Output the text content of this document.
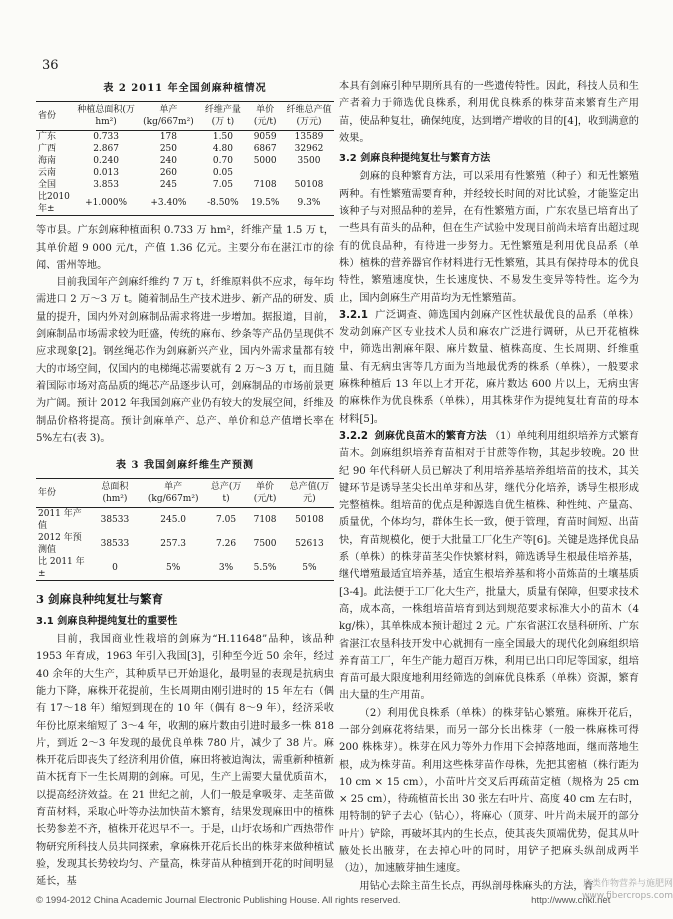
36
表 2 2011 年全国剑麻种植情况
省份	种植总面积(万 hm²)	单产(kg/667m²)	纤维产量(万 t)	单价(元/t)	纤维总产值(万元)
广东	0.733	178	1.50	9059	13589
广西	2.867	250	4.80	6867	32962
海南	0.240	240	0.70	5000	3500
云南	0.013	260	0.05		
全国	3.853	245	7.05	7108	50108
比2010 年±	+1.000%	+3.40%	-8.50%	19.5%	9.3%

等市县。广东剑麻种植面积 0.733 万 hm²，纤维产量 1.5 万 t，其单价超 9 000 元/t，产值 1.36 亿元。主要分布在湛江市的徐闻、雷州等地。

目前我国年产剑麻纤维约 7 万 t，纤维原料供不应求，每年均需进口 2 万～3 万 t。随着制品生产技术进步、新产品的研发、质量的提升，国内外对剑麻制品需求将进一步增加。据报道，目前，剑麻制品市场需求较为旺盛，传统的麻布、纱条等产品仍呈现供不应求现象[2]。钢丝绳芯作为剑麻新兴产业，国内外需求量都有较大的市场空间，仅国内的电梯绳芯需要就有 2 万～3 万 t，而且随着国际市场对高品质的绳芯产品逐步认可，剑麻制品的市场前景更为广阔。预计 2012 年我国剑麻产业仍有较大的发展空间，纤维及制品价格将提高。预计剑麻单产、总产、单价和总产值增长率在 5%左右(表 3)。

表 3 我国剑麻纤维生产预测
年份	总面积(hm²)	单产(kg/667m²)	总产(万 t)	单价(元/t)	总产值(万元)
2011 年产值	38533	245.0	7.05	7108	50108
2012 年预测值	38533	257.3	7.26	7500	52613
比 2011 年±	0	5%	3%	5.5%	5%
3 剑麻良种纯复壮与繁育
3.1 剑麻良种提纯复壮的重要性

目前，我国商业性栽培的剑麻为“H.11648”品种，该品种 1953 年育成，1963 年引入我国[3]，引种至今近 50 余年，经过 40 余年的大生产，其种质早已开始退化，最明显的表现是抗病虫能力下降，麻株开花提前，生长周期由刚引进时的 15 年左右（偶有 17～18 年）缩短到现在的 10 年（偶有 8～9 年），经济采收年份比原来缩短了 3～4 年，收割的麻片数由引进时最多一株 818 片，到近 2～3 年发现的最优良单株 780 片，减少了 38 片。麻株开花后即丧失了经济利用价值，麻田将被迫淘汰，需重新种植新苗木抚育下一生长周期的剑麻。可见，生产上需要大量优质苗木，以提高经济效益。在 21 世纪之前，人们一般是拿吸芽、走茎苗做育苗材料，采取心叶等办法加快苗木繁育，结果发现麻田中的植株长势参差不齐，植株开花迟早不一。于是，山圩农场和广西热带作物研究所科技人员共同探索，拿麻株开花后长出的株芽来做种植试验，发现其长势较均匀、产量高，株芽苗从种植到开花的时间明显延长，基

本具有剑麻引种早期所具有的一些遗传特性。因此，科技人员和生产者着力于筛选优良株系，利用优良株系的株芽苗来繁育生产用苗，使品种复壮，确保纯度，达到增产增收的目的[4]，收到满意的效果。

3.2 剑麻良种提纯复壮与繁育方法

剑麻的良种繁育方法，可以采用有性繁殖（种子）和无性繁殖两种。有性繁殖需要育种，并经较长时间的对比试验，才能鉴定出该种子与对照品种的差异，在有性繁殖方面，广东农垦已培育出了一些具有苗头的品种，但在生产试验中发现目前尚未培育出超过现有的优良品种，有待进一步努力。无性繁殖是利用优良品系（单株）植株的营养器官作材料进行无性繁殖，其具有保持母本的优良特性，繁殖速度快，生长速度快、不易发生变异等特性。迄今为止，国内剑麻生产用苗均为无性繁殖苗。

3.2.1 广泛调查、筛选国内剑麻产区性状最优良的品系（单株） 发动剑麻产区专业技术人员和麻农广泛进行调研，从已开花植株中，筛选出割麻年限、麻片数量、植株高度、生长周期、纤维重量、有无病虫害等几方面为当地最优秀的株系（单株），一般要求麻株种植后 13 年以上才开花，麻片数达 600 片以上，无病虫害的麻株作为优良株系（单株），用其株芽作为提纯复壮育苗的母本材料[5]。

3.2.2 剑麻优良苗木的繁育方法 （1）单纯利用组织培养方式繁育苗木。剑麻组织培养育苗相对于甘蔗等作物，其起步较晚。20 世纪 90 年代科研人员已解决了利用培养基培养组培苗的技术，其关键环节是诱导茎尖长出单芽和丛芽，继代分化培养，诱导生根形成完整植株。组培苗的优点是种源选自优生植株、种性纯、产量高、质量优，个体均匀，群体生长一致，便于管理，育苗时间短、出苗快，育苗规模化，便于大批量工厂化生产等[6]。关键是选择优良品系（单株）的株芽苗茎尖作快繁材料，筛选诱导生根最佳培养基，继代增殖最适宜培养基，适宜生根培养基和将小苗炼苗的土壤基质[3-4]。此法便于工厂化大生产，批量大，质量有保障，但要求技术高，成本高，一株组培苗培育到达到规范要求标准大小的苗木（4 kg/株），其单株成本预计超过 2 元。广东省湛江农垦科研所、广东省湛江农垦科技开发中心就拥有一座全国最大的现代化剑麻组织培养育苗工厂，年生产能力超百万株，利用已出口印尼等国家，组培育苗可最大限度地利用经筛选的剑麻优良株系（单株）资源，繁育出大量的生产用苗。

（2）利用优良株系（单株）的株芽钻心繁殖。麻株开花后，一部分剑麻花将结果，而另一部分长出株芽（一般一株麻株可得 200 株株芽）。株芽在风力等外力作用下会掉落地面，继而落地生根，成为株芽苗。利用这些株芽苗作母株，先把其密植（株行距为 10 cm × 15 cm），小苗叶片交叉后再疏苗定植（规格为 25 cm × 25 cm），待疏植苗长出 30 张左右叶片、高度 40 cm 左右时，用特制的铲子去心（钻心），将麻心（顶芽、叶片尚未展开的部分叶片）铲除，再破坏其内的生长点，使其丧失顶端优势，促其从叶腋处长出腋芽，在去掉心叶的同时，用铲子把麻头纵剖成两半（边），加速腋芽抽生速度。

用钻心去除主苗生长点，再纵剖母株麻头的方法，育

© 1994-2012 China Academic Journal Electronic Publishing House. All rights reserved.	http://www.cnki.net
麻类作物营养与施肥网 www.fibercrops.com
